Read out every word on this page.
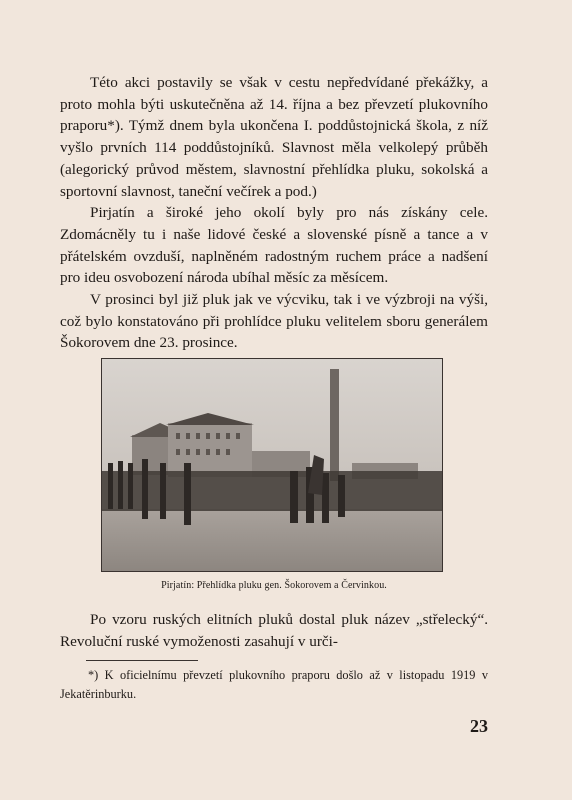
Této akci postavily se však v cestu nepředvídané překážky, a proto mohla býti uskutečněna až 14. října a bez převzetí plukovního praporu*). Týmž dnem byla ukončena I. poddůstojnická škola, z níž vyšlo prvních 114 poddůstojníků. Slavnost měla velkolepý průběh (alegorický průvod městem, slavnostní přehlídka pluku, sokolská a sportovní slavnost, taneční večírek a pod.)

Pirjatín a široké jeho okolí byly pro nás získány cele. Zdomácněly tu i naše lidové české a slovenské písně a tance a v přátelském ovzduší, naplněném radostným ruchem práce a nadšení pro ideu osvobození národa ubíhal měsíc za měsícem.

V prosinci byl již pluk jak ve výcviku, tak i ve výzbroji na výši, což bylo konstatováno při prohlídce pluku velitelem sboru generálem Šokorovem dne 23. prosince.

Pirjatín: Přehlídka pluku gen. Šokorovem a Červinkou.

Po vzoru ruských elitních pluků dostal pluk název „střelecký“. Revoluční ruské vymoženosti zasahují v urči-

*) K oficielnímu převzetí plukovního praporu došlo až v listopadu 1919 v Jekatěrinburku.

23
